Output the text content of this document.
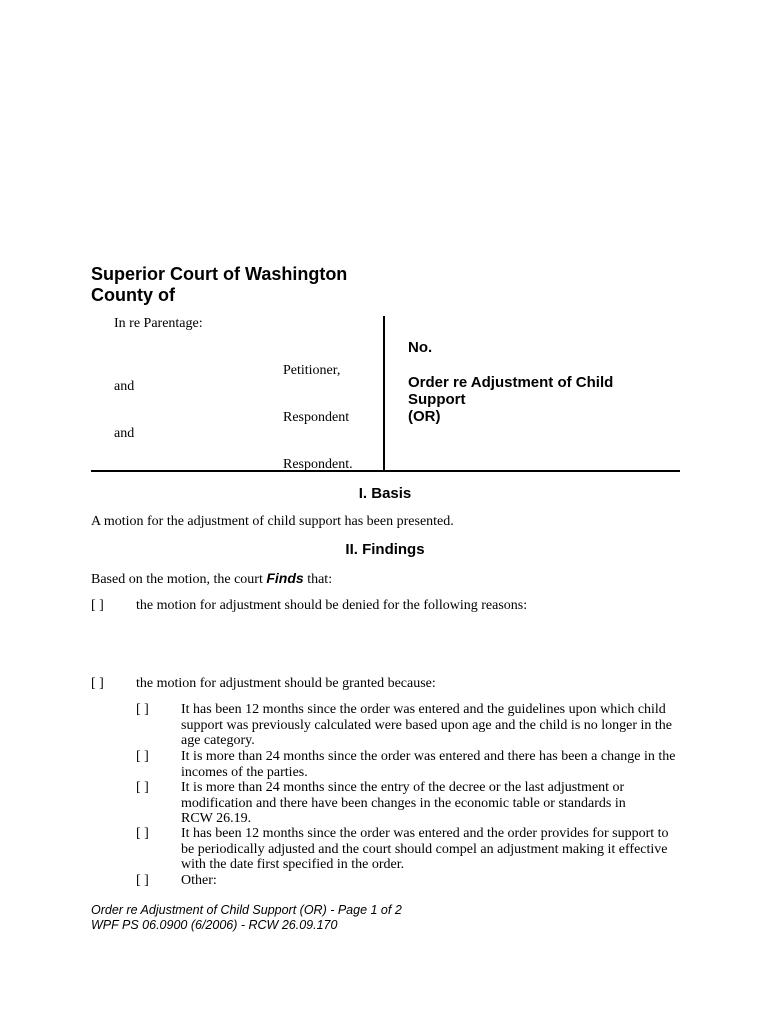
Superior Court of Washington
County of
In re Parentage:
Petitioner,
and
Respondent
and
Respondent.
No.
Order re Adjustment of Child
Support
(OR)
I. Basis
A motion for the adjustment of child support has been presented.
II. Findings
Based on the motion, the court Finds that:
[ ] the motion for adjustment should be denied for the following reasons:
[ ] the motion for adjustment should be granted because:
[ ] It has been 12 months since the order was entered and the guidelines upon which child support was previously calculated were based upon age and the child is no longer in the age category.
[ ] It is more than 24 months since the order was entered and there has been a change in the incomes of the parties.
[ ] It is more than 24 months since the entry of the decree or the last adjustment or modification and there have been changes in the economic table or standards in RCW 26.19.
[ ] It has been 12 months since the order was entered and the order provides for support to be periodically adjusted and the court should compel an adjustment making it effective with the date first specified in the order.
[ ] Other:
Order re Adjustment of Child Support (OR) - Page 1 of 2
WPF PS 06.0900 (6/2006) - RCW 26.09.170
